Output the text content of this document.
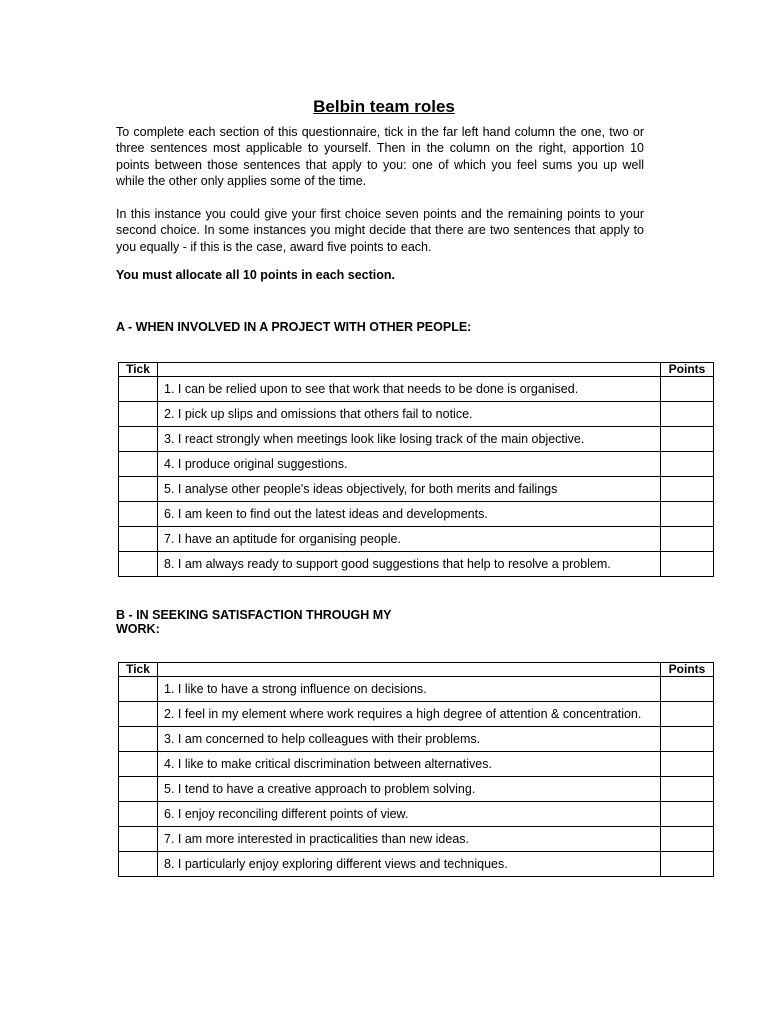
Belbin team roles

To complete each section of this questionnaire, tick in the far left hand column the one, two or three sentences most applicable to yourself. Then in the column on the right, apportion 10 points between those sentences that apply to you: one of which you feel sums you up well while the other only applies some of the time.

In this instance you could give your first choice seven points and the remaining points to your second choice. In some instances you might decide that there are two sentences that apply to you equally - if this is the case, award five points to each.

You must allocate all 10 points in each section.

A - WHEN INVOLVED IN A PROJECT WITH OTHER PEOPLE:

Tick		Points
	1. I can be relied upon to see that work that needs to be done is organised.	
	2. I pick up slips and omissions that others fail to notice.	
	3. I react strongly when meetings look like losing track of the main objective.	
	4. I produce original suggestions.	
	5. I analyse other people's ideas objectively, for both merits and failings	
	6. I am keen to find out the latest ideas and developments.	
	7. I have an aptitude for organising people.	
	8. I am always ready to support good suggestions that help to resolve a problem.	

B - IN SEEKING SATISFACTION THROUGH MY WORK:

Tick		Points
	1. I like to have a strong influence on decisions.	
	2. I feel in my element where work requires a high degree of attention & concentration.	
	3. I am concerned to help colleagues with their problems.	
	4. I like to make critical discrimination between alternatives.	
	5. I tend to have a creative approach to problem solving.	
	6. I enjoy reconciling different points of view.	
	7. I am more interested in practicalities than new ideas.	
	8. I particularly enjoy exploring different views and techniques.	
